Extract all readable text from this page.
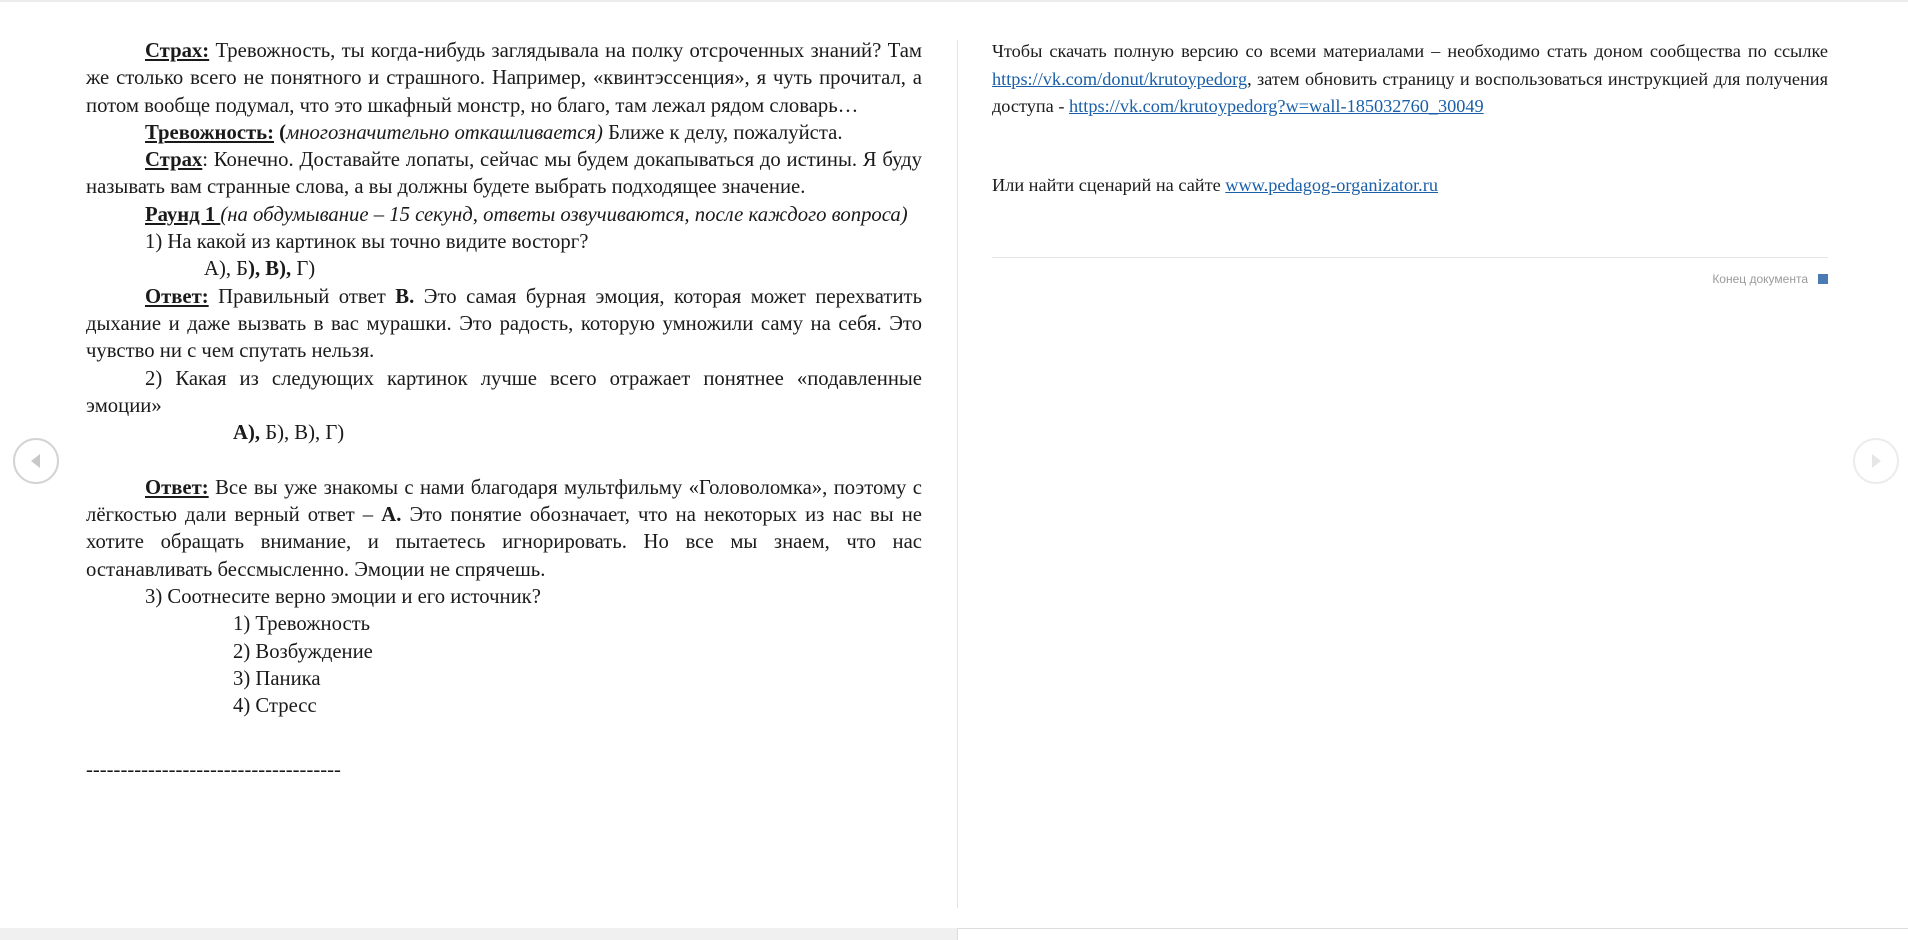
Страх: Тревожность, ты когда-нибудь заглядывала на полку отсроченных знаний? Там же столько всего не понятного и страшного. Например, «квинтэссенция», я чуть прочитал, а потом вообще подумал, что это шкафный монстр, но благо, там лежал рядом словарь…

Тревожность: (многозначительно откашливается) Ближе к делу, пожалуйста.

Страх: Конечно. Доставайте лопаты, сейчас мы будем докапываться до истины. Я буду называть вам странные слова, а вы должны будете выбрать подходящее значение.

Раунд 1 (на обдумывание – 15 секунд, ответы озвучиваются, после каждого вопроса)

1) На какой из картинок вы точно видите восторг?

А), Б), В), Г)

Ответ: Правильный ответ В. Это самая бурная эмоция, которая может перехватить дыхание и даже вызвать в вас мурашки. Это радость, которую умножили саму на себя. Это чувство ни с чем спутать нельзя.

2) Какая из следующих картинок лучше всего отражает понятнее «подавленные эмоции»

А), Б), В), Г)

Ответ: Все вы уже знакомы с нами благодаря мультфильму «Головоломка», поэтому с лёгкостью дали верный ответ – А. Это понятие обозначает, что на некоторых из нас вы не хотите обращать внимание, и пытаетесь игнорировать. Но все мы знаем, что нас останавливать бессмысленно. Эмоции не спрячешь.

3) Соотнесите верно эмоции и его источник?

1) Тревожность

2) Возбуждение

3) Паника

4) Стресс

-------------------------------------

Чтобы скачать полную версию со всеми материалами – необходимо стать доном сообщества по ссылке https://vk.com/donut/krutoypedorg, затем обновить страницу и воспользоваться инструкцией для получения доступа - https://vk.com/krutoypedorg?w=wall-185032760_30049

Или найти сценарий на сайте www.pedagog-organizator.ru

Конец документа
